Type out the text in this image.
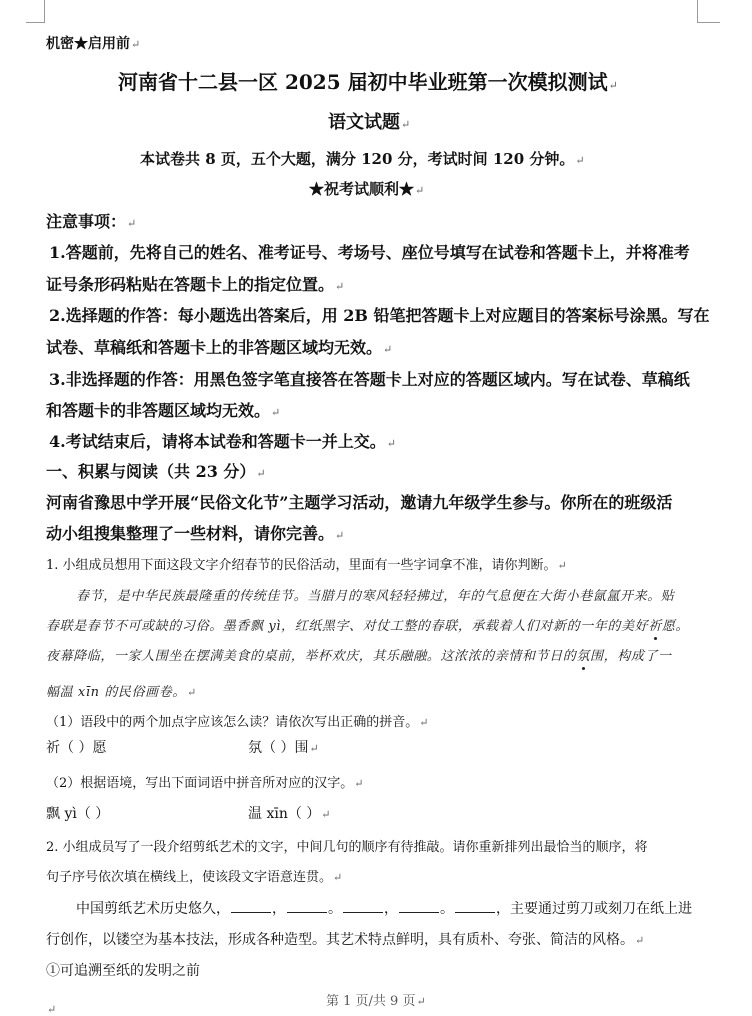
机密★启用前↵
河南省十二县一区 2025 届初中毕业班第一次模拟测试↵
语文试题↵
本试卷共 8 页，五个大题，满分 120 分，考试时间 120 分钟。↵
★祝考试顺利★↵
注意事项：↵
1.答题前，先将自己的姓名、准考证号、考场号、座位号填写在试卷和答题卡上，并将准考
证号条形码粘贴在答题卡上的指定位置。↵
2.选择题的作答：每小题选出答案后，用 2B 铅笔把答题卡上对应题目的答案标号涂黑。写在
试卷、草稿纸和答题卡上的非答题区域均无效。↵
3.非选择题的作答：用黑色签字笔直接答在答题卡上对应的答题区域内。写在试卷、草稿纸
和答题卡的非答题区域均无效。↵
4.考试结束后，请将本试卷和答题卡一并上交。↵
一、积累与阅读（共 23 分）↵
河南省豫思中学开展“民俗文化节”主题学习活动，邀请九年级学生参与。你所在的班级活
动小组搜集整理了一些材料，请你完善。↵
1. 小组成员想用下面这段文字介绍春节的民俗活动，里面有一些字词拿不准，请你判断。↵
春节，是中华民族最隆重的传统佳节。当腊月的寒风轻轻拂过，年的气息便在大街小巷氤氲开来。贴
春联是春节不可或缺的习俗。墨香飘 yì，红纸黑字、对仗工整的春联，承载着人们对新的一年的美好祈愿。
夜幕降临，一家人围坐在摆满美食的桌前，举杯欢庆，其乐融融。这浓浓的亲情和节日的氛围，构成了一
幅温 xīn 的民俗画卷。↵
（1）语段中的两个加点字应该怎么读？请依次写出正确的拼音。↵
祈（ ）愿	氛（ ）围↵
（2）根据语境，写出下面词语中拼音所对应的汉字。↵
飘 yì（ ）	温 xīn（ ）↵
2. 小组成员写了一段介绍剪纸艺术的文字，中间几句的顺序有待推敲。请你重新排列出最恰当的顺序，将
句子序号依次填在横线上，使该段文字语意连贯。↵
中国剪纸艺术历史悠久，	，	。	，	。	，主要通过剪刀或刻刀在纸上进
行创作，以镂空为基本技法，形成各种造型。其艺术特点鲜明，具有质朴、夸张、简洁的风格。↵
①可追溯至纸的发明之前
第 1 页/共 9 页↵
↵
